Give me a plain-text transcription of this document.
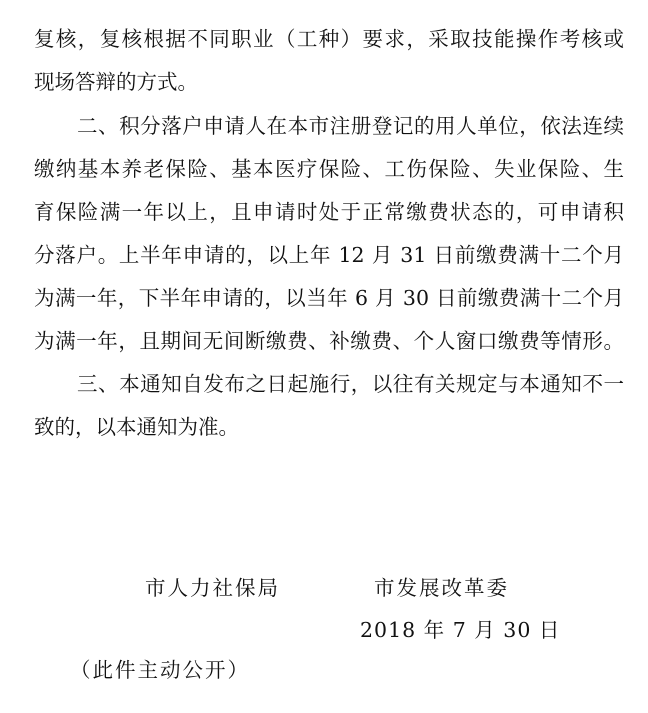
复核，复核根据不同职业（工种）要求，采取技能操作考核或
现场答辩的方式。
二、积分落户申请人在本市注册登记的用人单位，依法连续
缴纳基本养老保险、基本医疗保险、工伤保险、失业保险、生
育保险满一年以上，且申请时处于正常缴费状态的，可申请积
分落户。上半年申请的，以上年 12 月 31 日前缴费满十二个月
为满一年，下半年申请的，以当年 6 月 30 日前缴费满十二个月
为满一年，且期间无间断缴费、补缴费、个人窗口缴费等情形。
三、本通知自发布之日起施行，以往有关规定与本通知不一
致的，以本通知为准。
市人力社保局	市发展改革委
2018 年 7 月 30 日
（此件主动公开）
